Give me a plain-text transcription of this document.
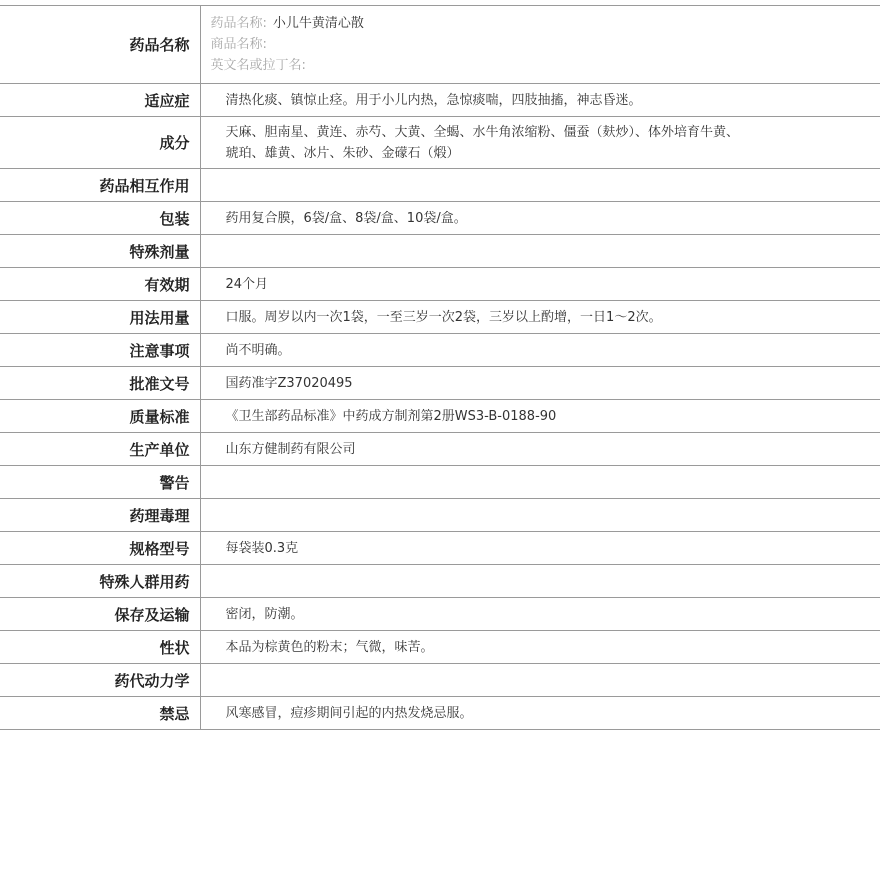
药品名称	药品名称: 小儿牛黄清心散
商品名称:
英文名或拉丁名:

适应症	清热化痰、镇惊止痉。用于小儿内热，急惊痰喘，四肢抽搐，神志昏迷。
成分	天麻、胆南星、黄连、赤芍、大黄、全蝎、水牛角浓缩粉、僵蚕（麸炒）、体外培育牛黄、
琥珀、雄黄、冰片、朱砂、金礞石（煅）
药品相互作用	
包装	药用复合膜，6袋/盒、8袋/盒、10袋/盒。
特殊剂量	
有效期	24个月
用法用量	口服。周岁以内一次1袋，一至三岁一次2袋，三岁以上酌增，一日1～2次。
注意事项	尚不明确。
批准文号	国药准字Z37020495
质量标准	《卫生部药品标准》中药成方制剂第2册WS3-B-0188-90
生产单位	山东方健制药有限公司
警告	
药理毒理	
规格型号	每袋装0.3克
特殊人群用药	
保存及运输	密闭，防潮。
性状	本品为棕黄色的粉末；气微，味苦。
药代动力学	
禁忌	风寒感冒，痘疹期间引起的内热发烧忌服。
